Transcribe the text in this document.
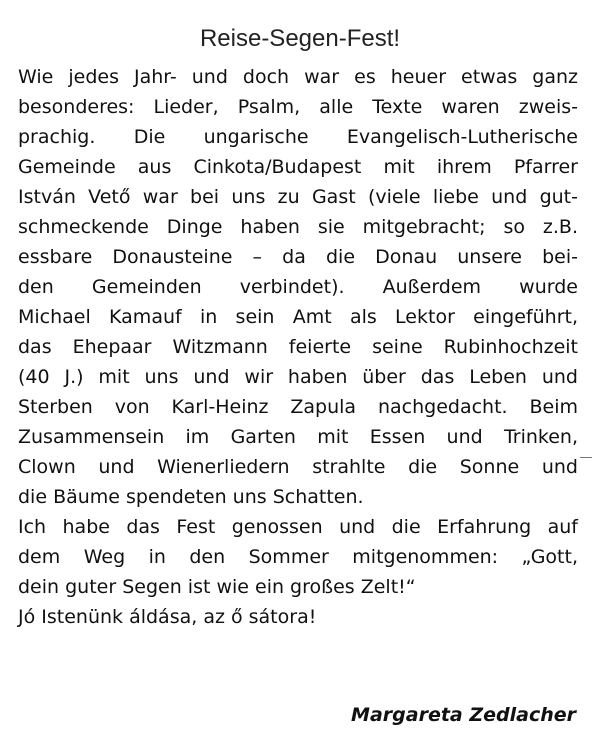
Reise-Segen-Fest!
Wie jedes Jahr- und doch war es heuer etwas ganz
besonderes: Lieder, Psalm, alle Texte waren zweis-
prachig. Die ungarische Evangelisch-Lutherische
Gemeinde aus Cinkota/Budapest mit ihrem Pfarrer
István Vető war bei uns zu Gast (viele liebe und gut-
schmeckende Dinge haben sie mitgebracht; so z.B.
essbare Donausteine – da die Donau unsere bei-
den Gemeinden verbindet). Außerdem wurde
Michael Kamauf in sein Amt als Lektor eingeführt,
das Ehepaar Witzmann feierte seine Rubinhochzeit
(40 J.) mit uns und wir haben über das Leben und
Sterben von Karl-Heinz Zapula nachgedacht. Beim
Zusammensein im Garten mit Essen und Trinken,
Clown und Wienerliedern strahlte die Sonne und
die Bäume spendeten uns Schatten.
Ich habe das Fest genossen und die Erfahrung auf
dem Weg in den Sommer mitgenommen: „Gott,
dein guter Segen ist wie ein großes Zelt!“
Jó Istenünk áldása, az ő sátora!
Margareta Zedlacher
